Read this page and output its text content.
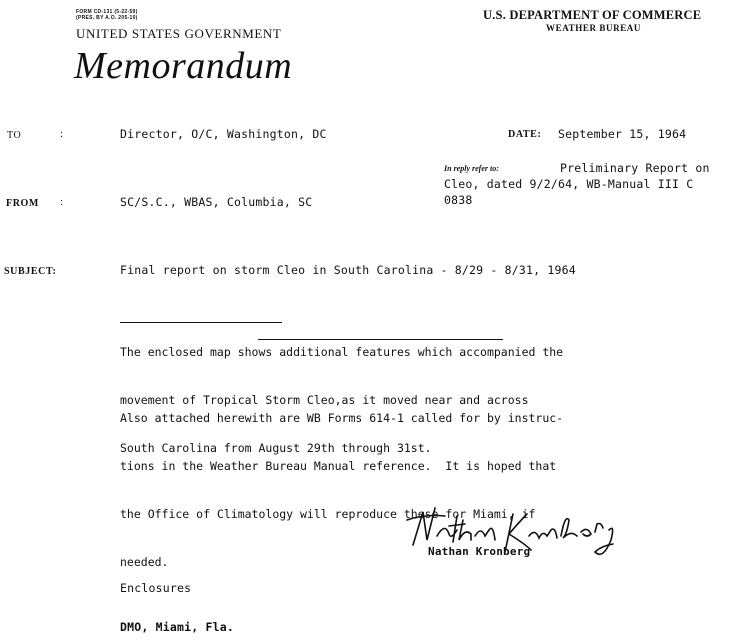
FORM CD-131 (5-22-59)
(PRES. BY A.O. 205-10)
UNITED STATES GOVERNMENT
Memorandum
U.S. DEPARTMENT OF COMMERCE
WEATHER BUREAU
TO	:	Director, O/C, Washington, DC	DATE: September 15, 1964
In reply refer to:	Preliminary Report on
Cleo, dated 9/2/64, WB-Manual III C
0838
FROM :	SC/S.C., WBAS, Columbia, SC
SUBJECT:	Final report on storm Cleo in South Carolina - 8/29 - 8/31, 1964

The enclosed map shows additional features which accompanied the

movement of Tropical Storm Cleo,as it moved near and across

South Carolina from August 29th through 31st.

Also attached herewith are WB Forms 614-1 called for by instruc-

tions in the Weather Bureau Manual reference.  It is hoped that

the Office of Climatology will reproduce these for Miami, if

needed.

Nathan Kronberg
Enclosures
DMO, Miami, Fla.
